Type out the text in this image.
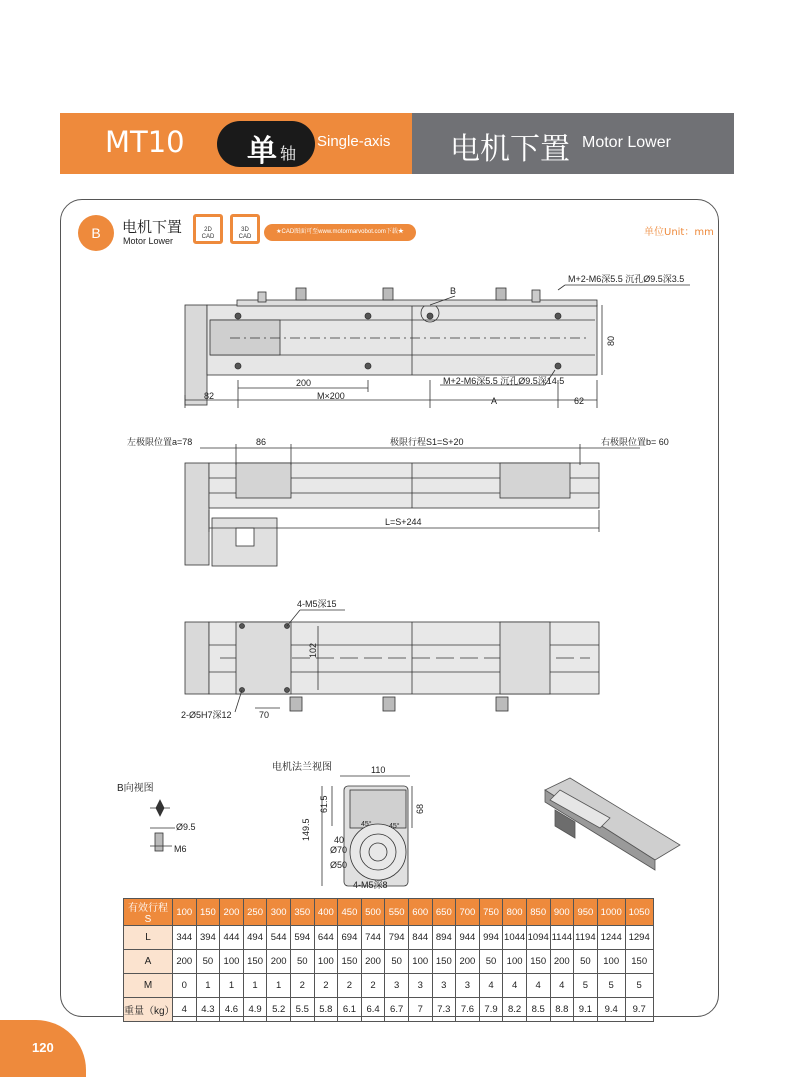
MT10 单 轴
Single-axis 电机下置 Motor Lower
B	电机下置
Motor Lower
2D
CAD
3D
CAD
★CAD图面可至www.motormarvobot.com下载★	单位Unit：mm
M+2-M6深5.5 沉孔Ø9.5深3.5
B
M+2-M6深5.5 沉孔Ø9.5深14.5
80
200
82	M×200	A	62
左极限位置a=78	86	极限行程S1=S+20	右极限位置b= 60
L=S+244
4-M5深15
102
2-Ø5H7深12	70
B向视图
Ø9.5
M6
电机法兰视图	110
61.5	68
149.5	40
Ø70
Ø50
45° 45°
4-M5深8
有效行程 S	100	150	200	250	300	350	400	450	500	550	600	650	700	750	800	850	900	950	1000	1050
L	344	394	444	494	544	594	644	694	744	794	844	894	944	994	1044	1094	1144	1194	1244	1294
A	200	50	100	150	200	50	100	150	200	50	100	150	200	50	100	150	200	50	100	150
M	0	1	1	1	1	2	2	2	2	3	3	3	3	4	4	4	4	5	5	5
重量（kg）	4	4.3	4.6	4.9	5.2	5.5	5.8	6.1	6.4	6.7	7	7.3	7.6	7.9	8.2	8.5	8.8	9.1	9.4	9.7
120
